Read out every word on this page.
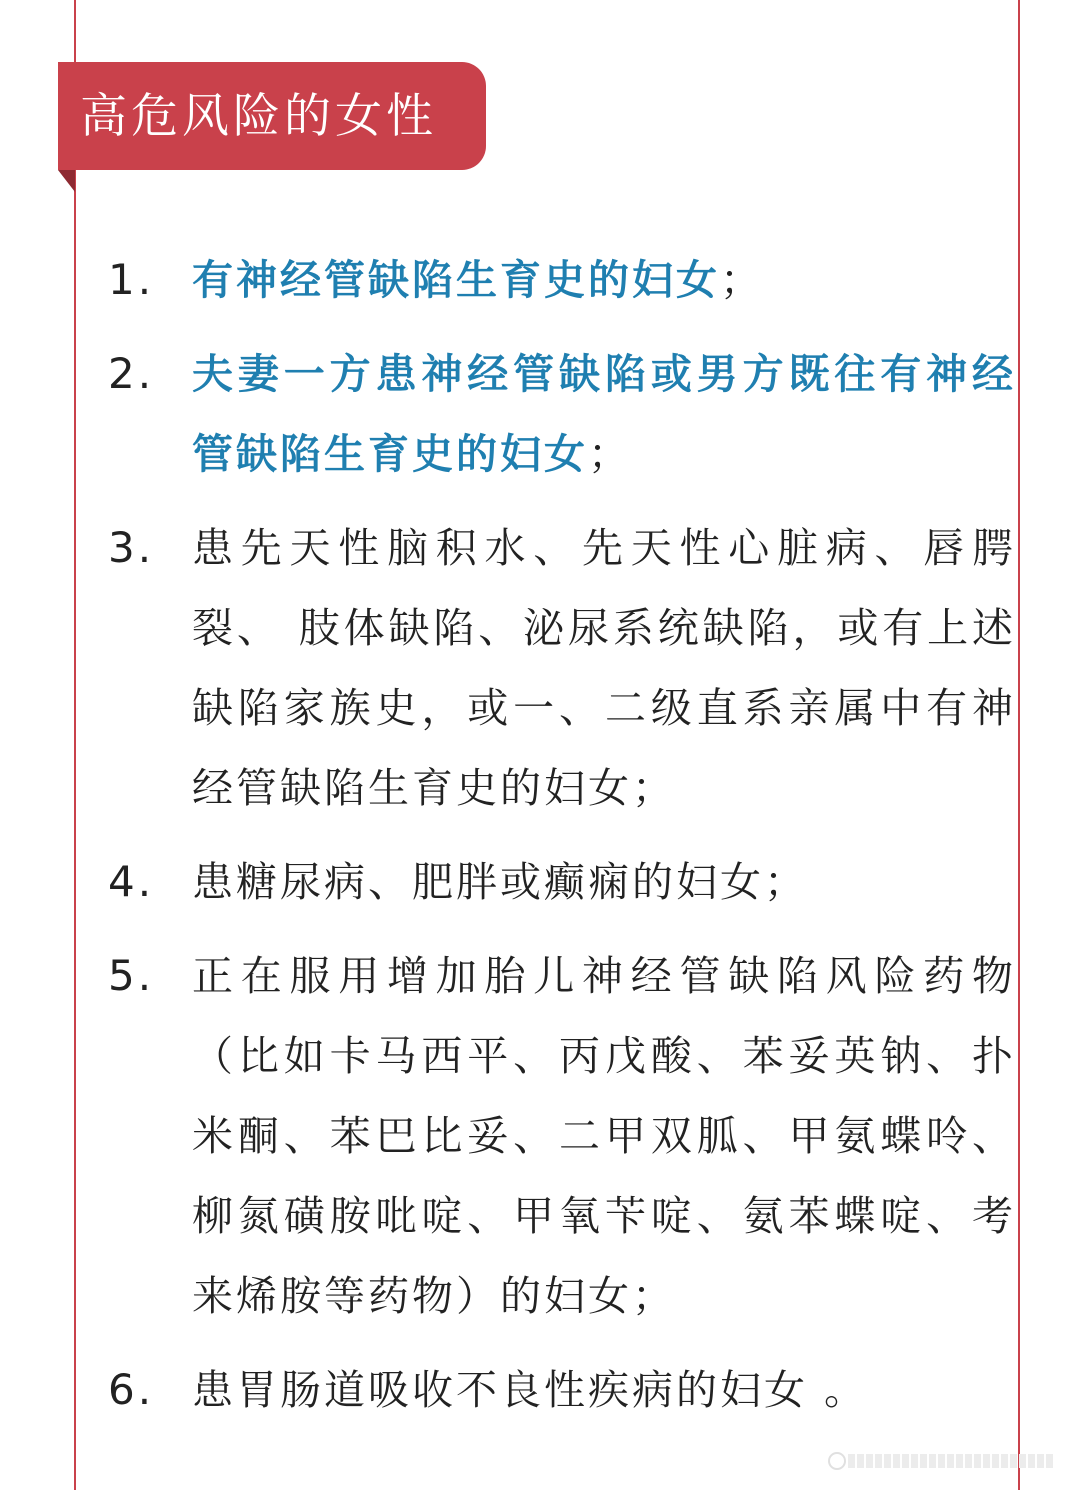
高危风险的女性
1. 有神经管缺陷生育史的妇女；
2. 夫妻一方患神经管缺陷或男方既往有神经管缺陷生育史的妇女；
3. 患先天性脑积水、先天性心脏病、唇腭裂、 肢体缺陷、泌尿系统缺陷，或有上述缺陷家族史，或一、二级直系亲属中有神经管缺陷生育史的妇女；
4. 患糖尿病、肥胖或癫痫的妇女；
5. 正在服用增加胎儿神经管缺陷风险药物（比如卡马西平、丙戊酸、苯妥英钠、扑米酮、苯巴比妥、二甲双胍、甲氨蝶呤、柳氮磺胺吡啶、甲氧苄啶、氨苯蝶啶、考来烯胺等药物）的妇女；
6. 患胃肠道吸收不良性疾病的妇女 。
